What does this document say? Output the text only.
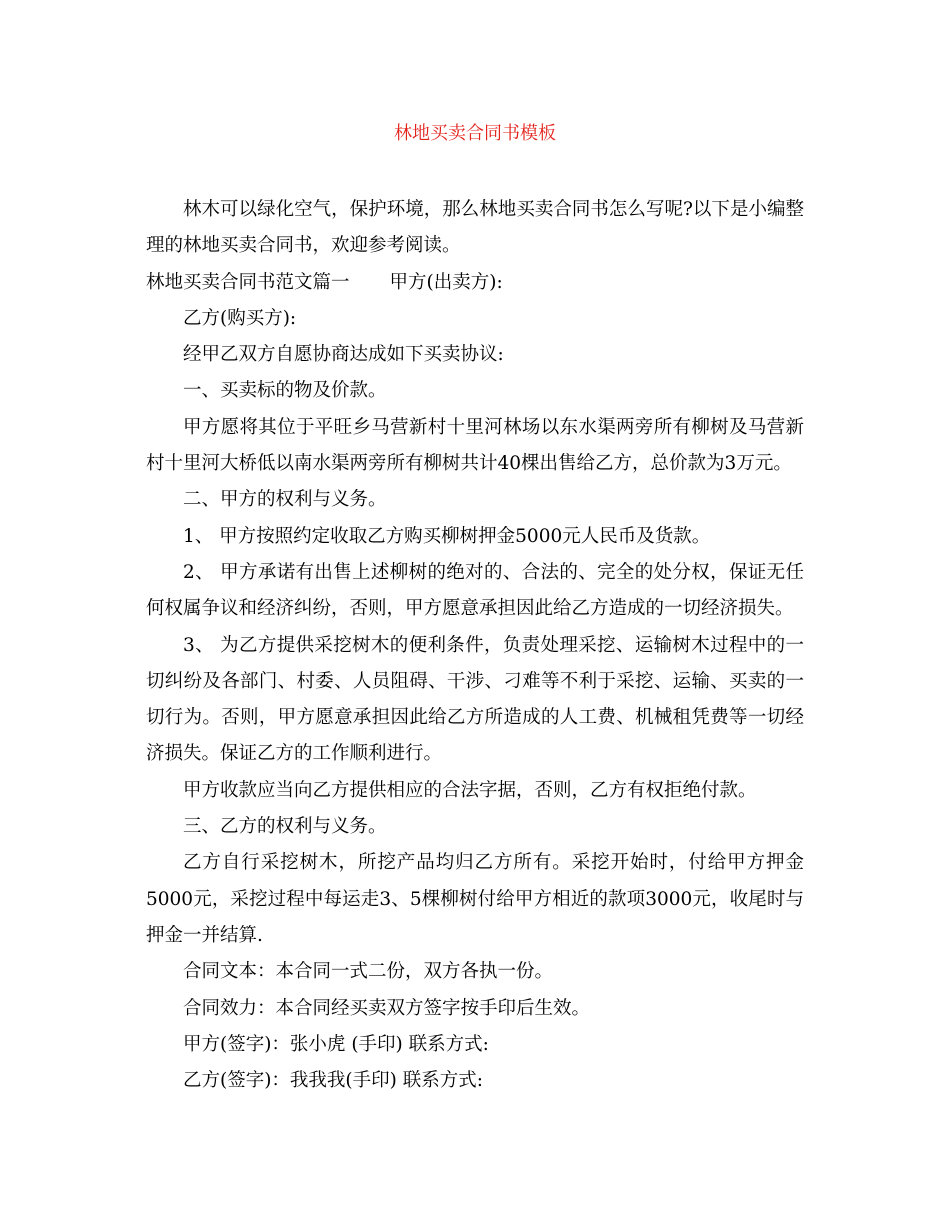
林地买卖合同书模板

林木可以绿化空气，保护环境，那么林地买卖合同书怎么写呢?以下是小编整理的林地买卖合同书，欢迎参考阅读。

林地买卖合同书范文篇一 甲方(出卖方):

乙方(购买方):

经甲乙双方自愿协商达成如下买卖协议:

一、买卖标的物及价款。

甲方愿将其位于平旺乡马营新村十里河林场以东水渠两旁所有柳树及马营新村十里河大桥低以南水渠两旁所有柳树共计40棵出售给乙方，总价款为3万元。

二、甲方的权利与义务。

1、 甲方按照约定收取乙方购买柳树押金5000元人民币及货款。

2、 甲方承诺有出售上述柳树的绝对的、合法的、完全的处分权，保证无任何权属争议和经济纠纷，否则，甲方愿意承担因此给乙方造成的一切经济损失。

3、 为乙方提供采挖树木的便利条件，负责处理采挖、运输树木过程中的一切纠纷及各部门、村委、人员阻碍、干涉、刁难等不利于采挖、运输、买卖的一切行为。否则，甲方愿意承担因此给乙方所造成的人工费、机械租凭费等一切经济损失。保证乙方的工作顺利进行。

甲方收款应当向乙方提供相应的合法字据，否则，乙方有权拒绝付款。

三、乙方的权利与义务。

乙方自行采挖树木，所挖产品均归乙方所有。采挖开始时，付给甲方押金5000元，采挖过程中每运走3、5棵柳树付给甲方相近的款项3000元，收尾时与押金一并结算.

合同文本：本合同一式二份，双方各执一份。

合同效力：本合同经买卖双方签字按手印后生效。

甲方(签字)：张小虎 (手印) 联系方式:

乙方(签字)：我我我(手印) 联系方式:
